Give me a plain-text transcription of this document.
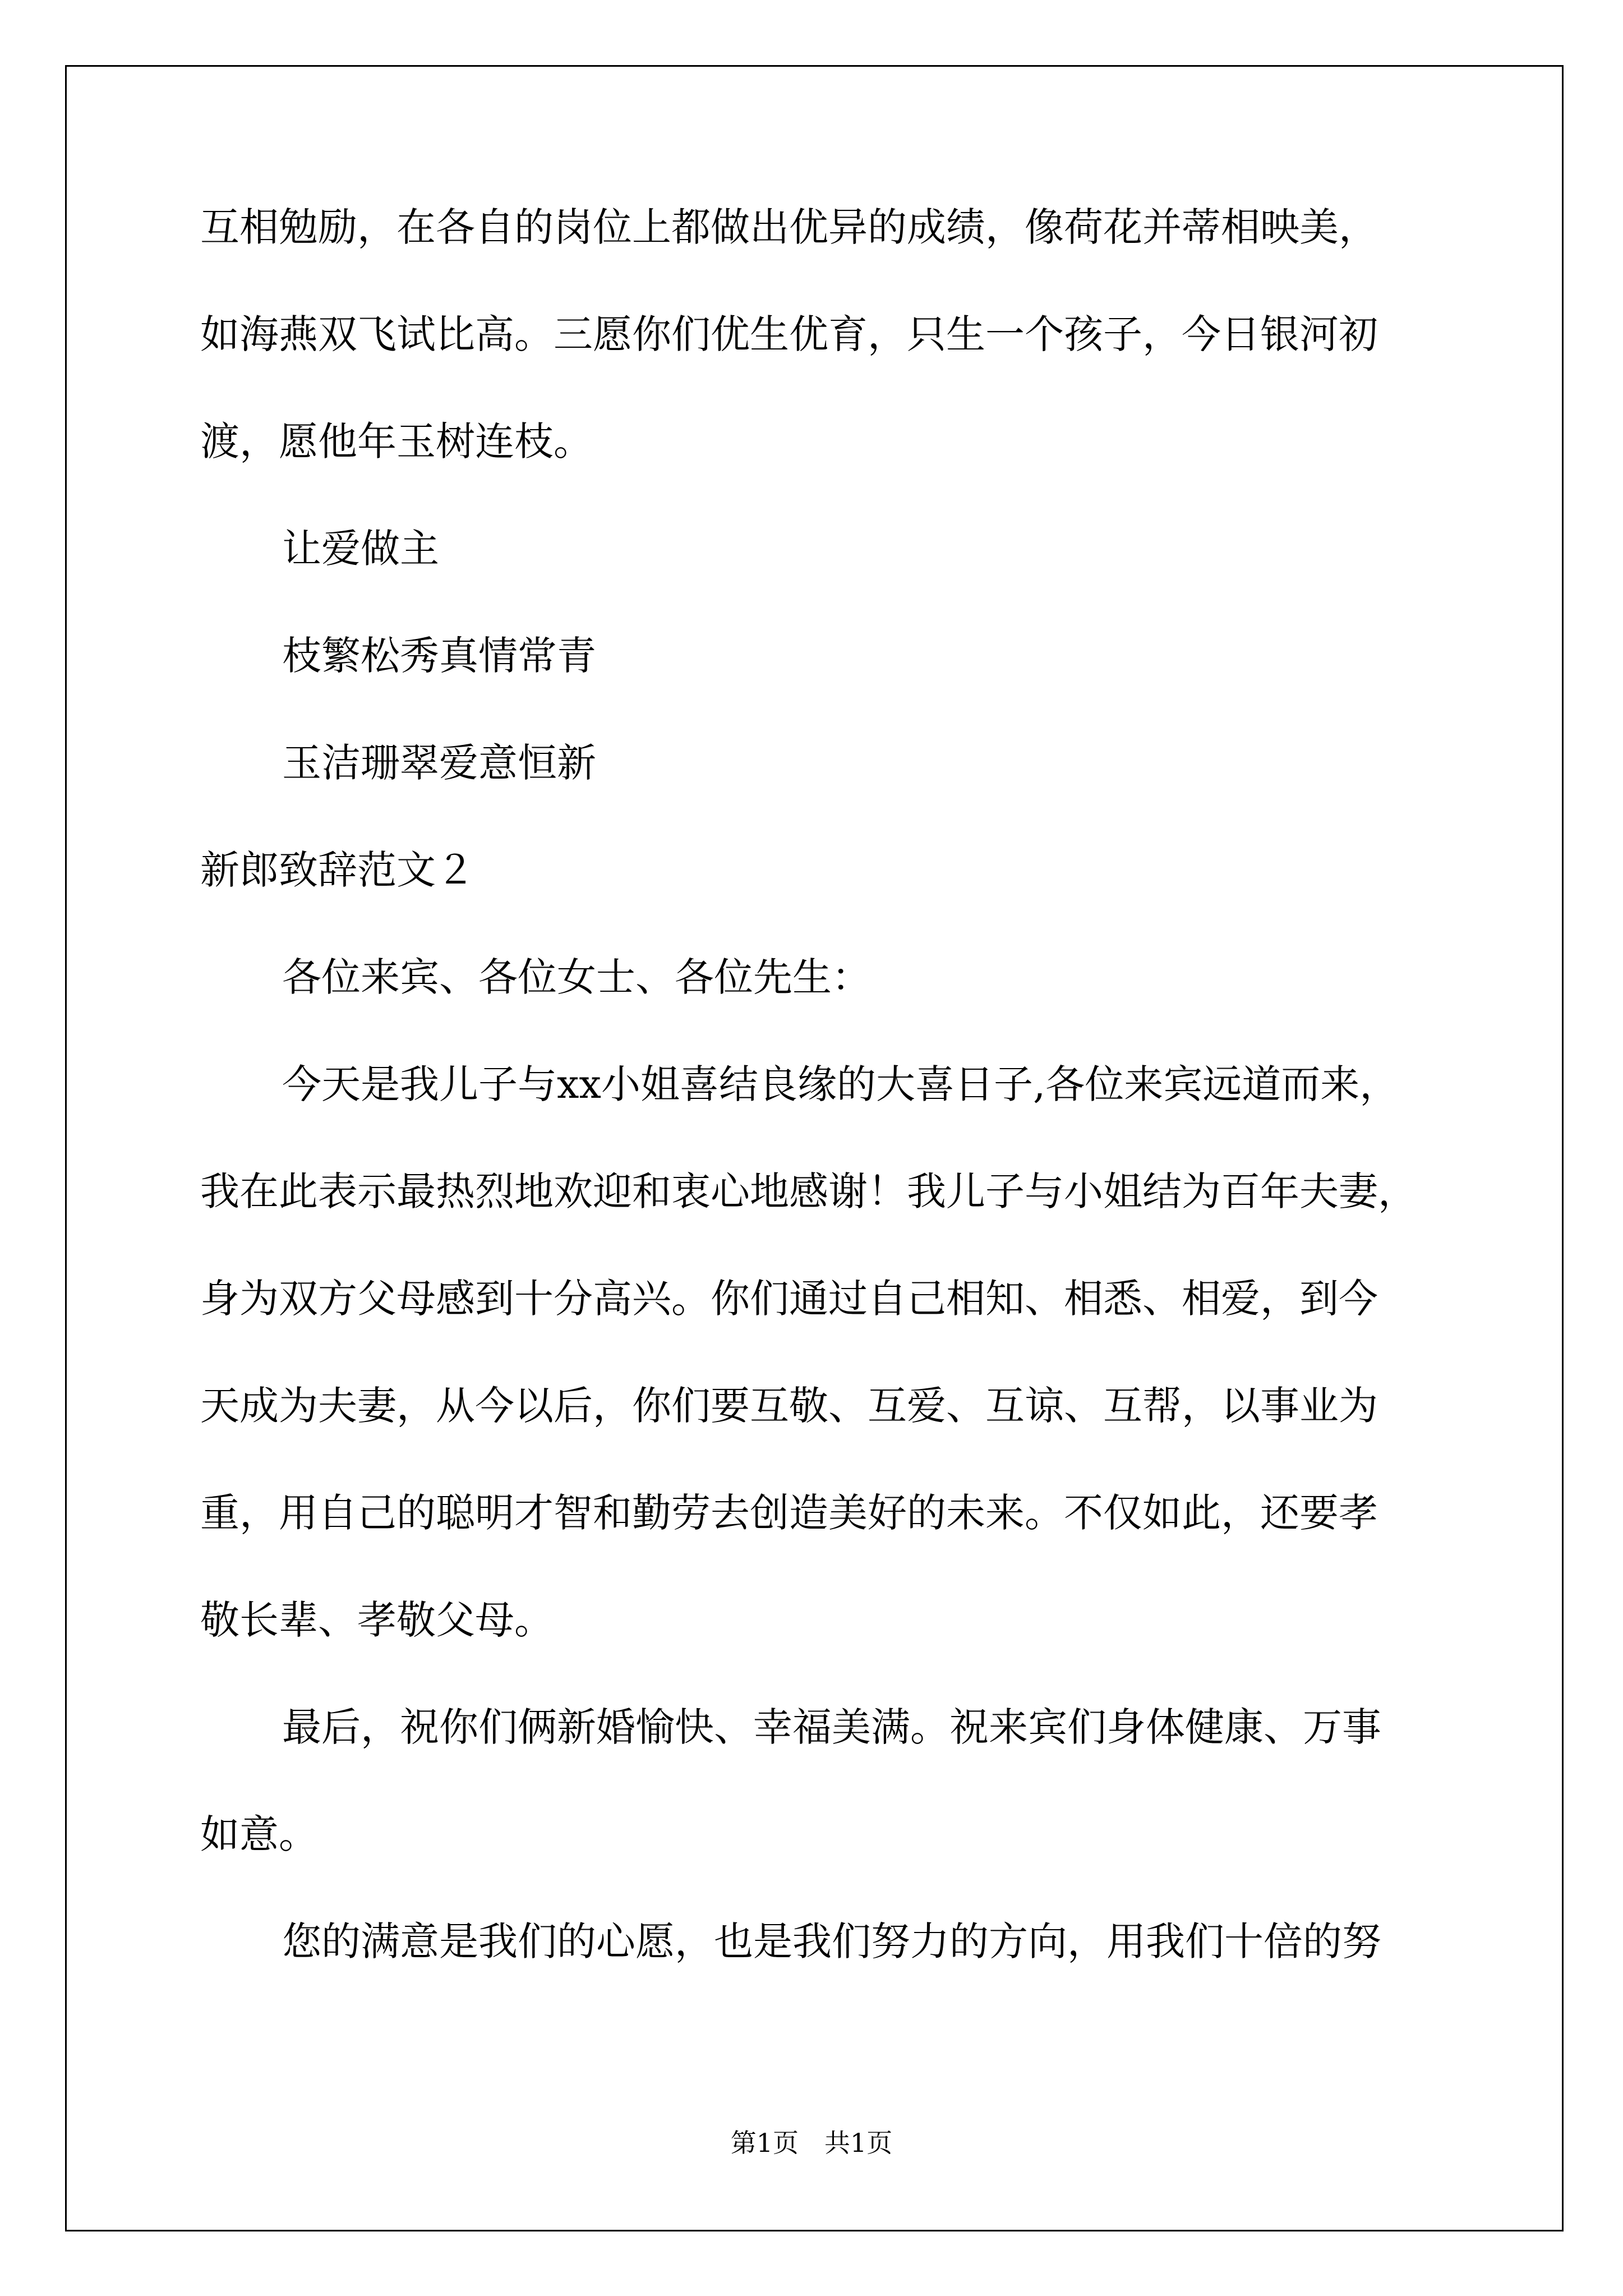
互相勉励，在各自的岗位上都做出优异的成绩，像荷花并蒂相映美，
如海燕双飞试比高。三愿你们优生优育，只生一个孩子，今日银河初
渡，愿他年玉树连枝。
让爱做主
枝繁松秀真情常青
玉洁珊翠爱意恒新
新郎致辞范文２
各位来宾、各位女士、各位先生：
今天是我儿子与xx小姐喜结良缘的大喜日子,各位来宾远道而来，
我在此表示最热烈地欢迎和衷心地感谢！我儿子与小姐结为百年夫妻，
身为双方父母感到十分高兴。你们通过自己相知、相悉、相爱，到今
天成为夫妻，从今以后，你们要互敬、互爱、互谅、互帮，以事业为
重，用自己的聪明才智和勤劳去创造美好的未来。不仅如此，还要孝
敬长辈、孝敬父母。
最后，祝你们俩新婚愉快、幸福美满。祝来宾们身体健康、万事
如意。
您的满意是我们的心愿，也是我们努力的方向，用我们十倍的努
第1页 共1页
